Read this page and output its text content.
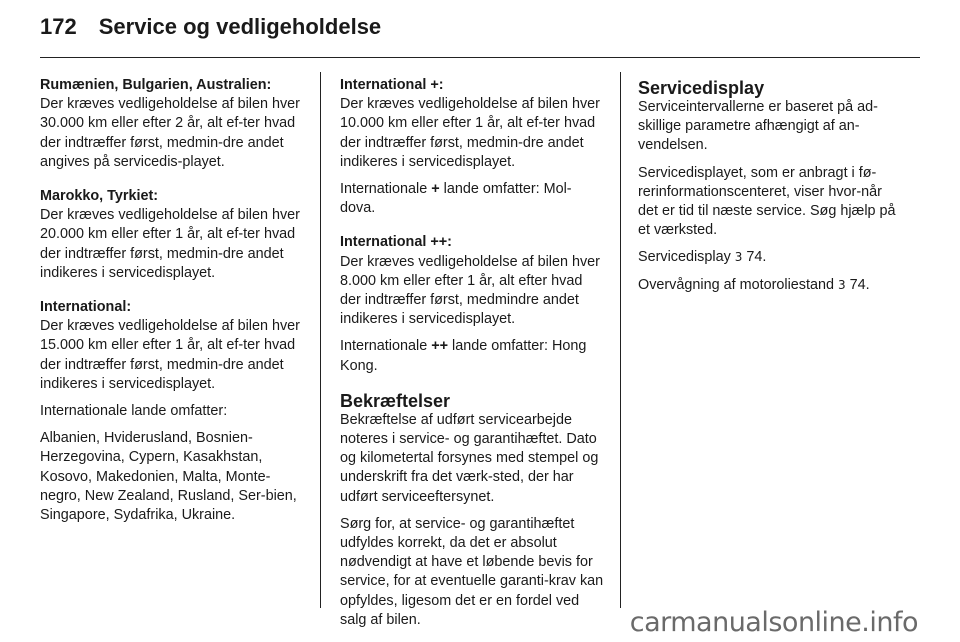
172 Service og vedligeholdelse
Rumænien, Bulgarien, Australien:
Der kræves vedligeholdelse af bilen hver 30.000 km eller efter 2 år, alt ef-ter hvad der indtræffer først, medmin-dre andet angives på servicedis-playet.
Marokko, Tyrkiet:
Der kræves vedligeholdelse af bilen hver 20.000 km eller efter 1 år, alt ef-ter hvad der indtræffer først, medmin-dre andet indikeres i servicedisplayet.
International:
Der kræves vedligeholdelse af bilen hver 15.000 km eller efter 1 år, alt ef-ter hvad der indtræffer først, medmin-dre andet indikeres i servicedisplayet.
Internationale lande omfatter:
Albanien, Hviderusland, Bosnien-Herzegovina, Cypern, Kasakhstan, Kosovo, Makedonien, Malta, Monte-negro, New Zealand, Rusland, Ser-bien, Singapore, Sydafrika, Ukraine.
International +:
Der kræves vedligeholdelse af bilen hver 10.000 km eller efter 1 år, alt ef-ter hvad der indtræffer først, medmin-dre andet indikeres i servicedisplayet.
Internationale + lande omfatter: Mol-dova.
International ++:
Der kræves vedligeholdelse af bilen hver 8.000 km eller efter 1 år, alt efter hvad der indtræffer først, medmindre andet indikeres i servicedisplayet.
Internationale ++ lande omfatter: Hong Kong.
Bekræftelser
Bekræftelse af udført servicearbejde noteres i service- og garantihæftet. Dato og kilometertal forsynes med stempel og underskrift fra det værk-sted, der har udført serviceeftersynet.
Sørg for, at service- og garantihæftet udfyldes korrekt, da det er absolut nødvendigt at have et løbende bevis for service, for at eventuelle garanti-krav kan opfyldes, ligesom det er en fordel ved salg af bilen.
Servicedisplay
Serviceintervallerne er baseret på ad-skillige parametre afhængigt af an-vendelsen.
Servicedisplayet, som er anbragt i fø-rerinformationscenteret, viser hvor-når det er tid til næste service. Søg hjælp på et værksted.
Servicedisplay 3 74.
Overvågning af motoroliestand 3 74.
carmanualsonline.info
